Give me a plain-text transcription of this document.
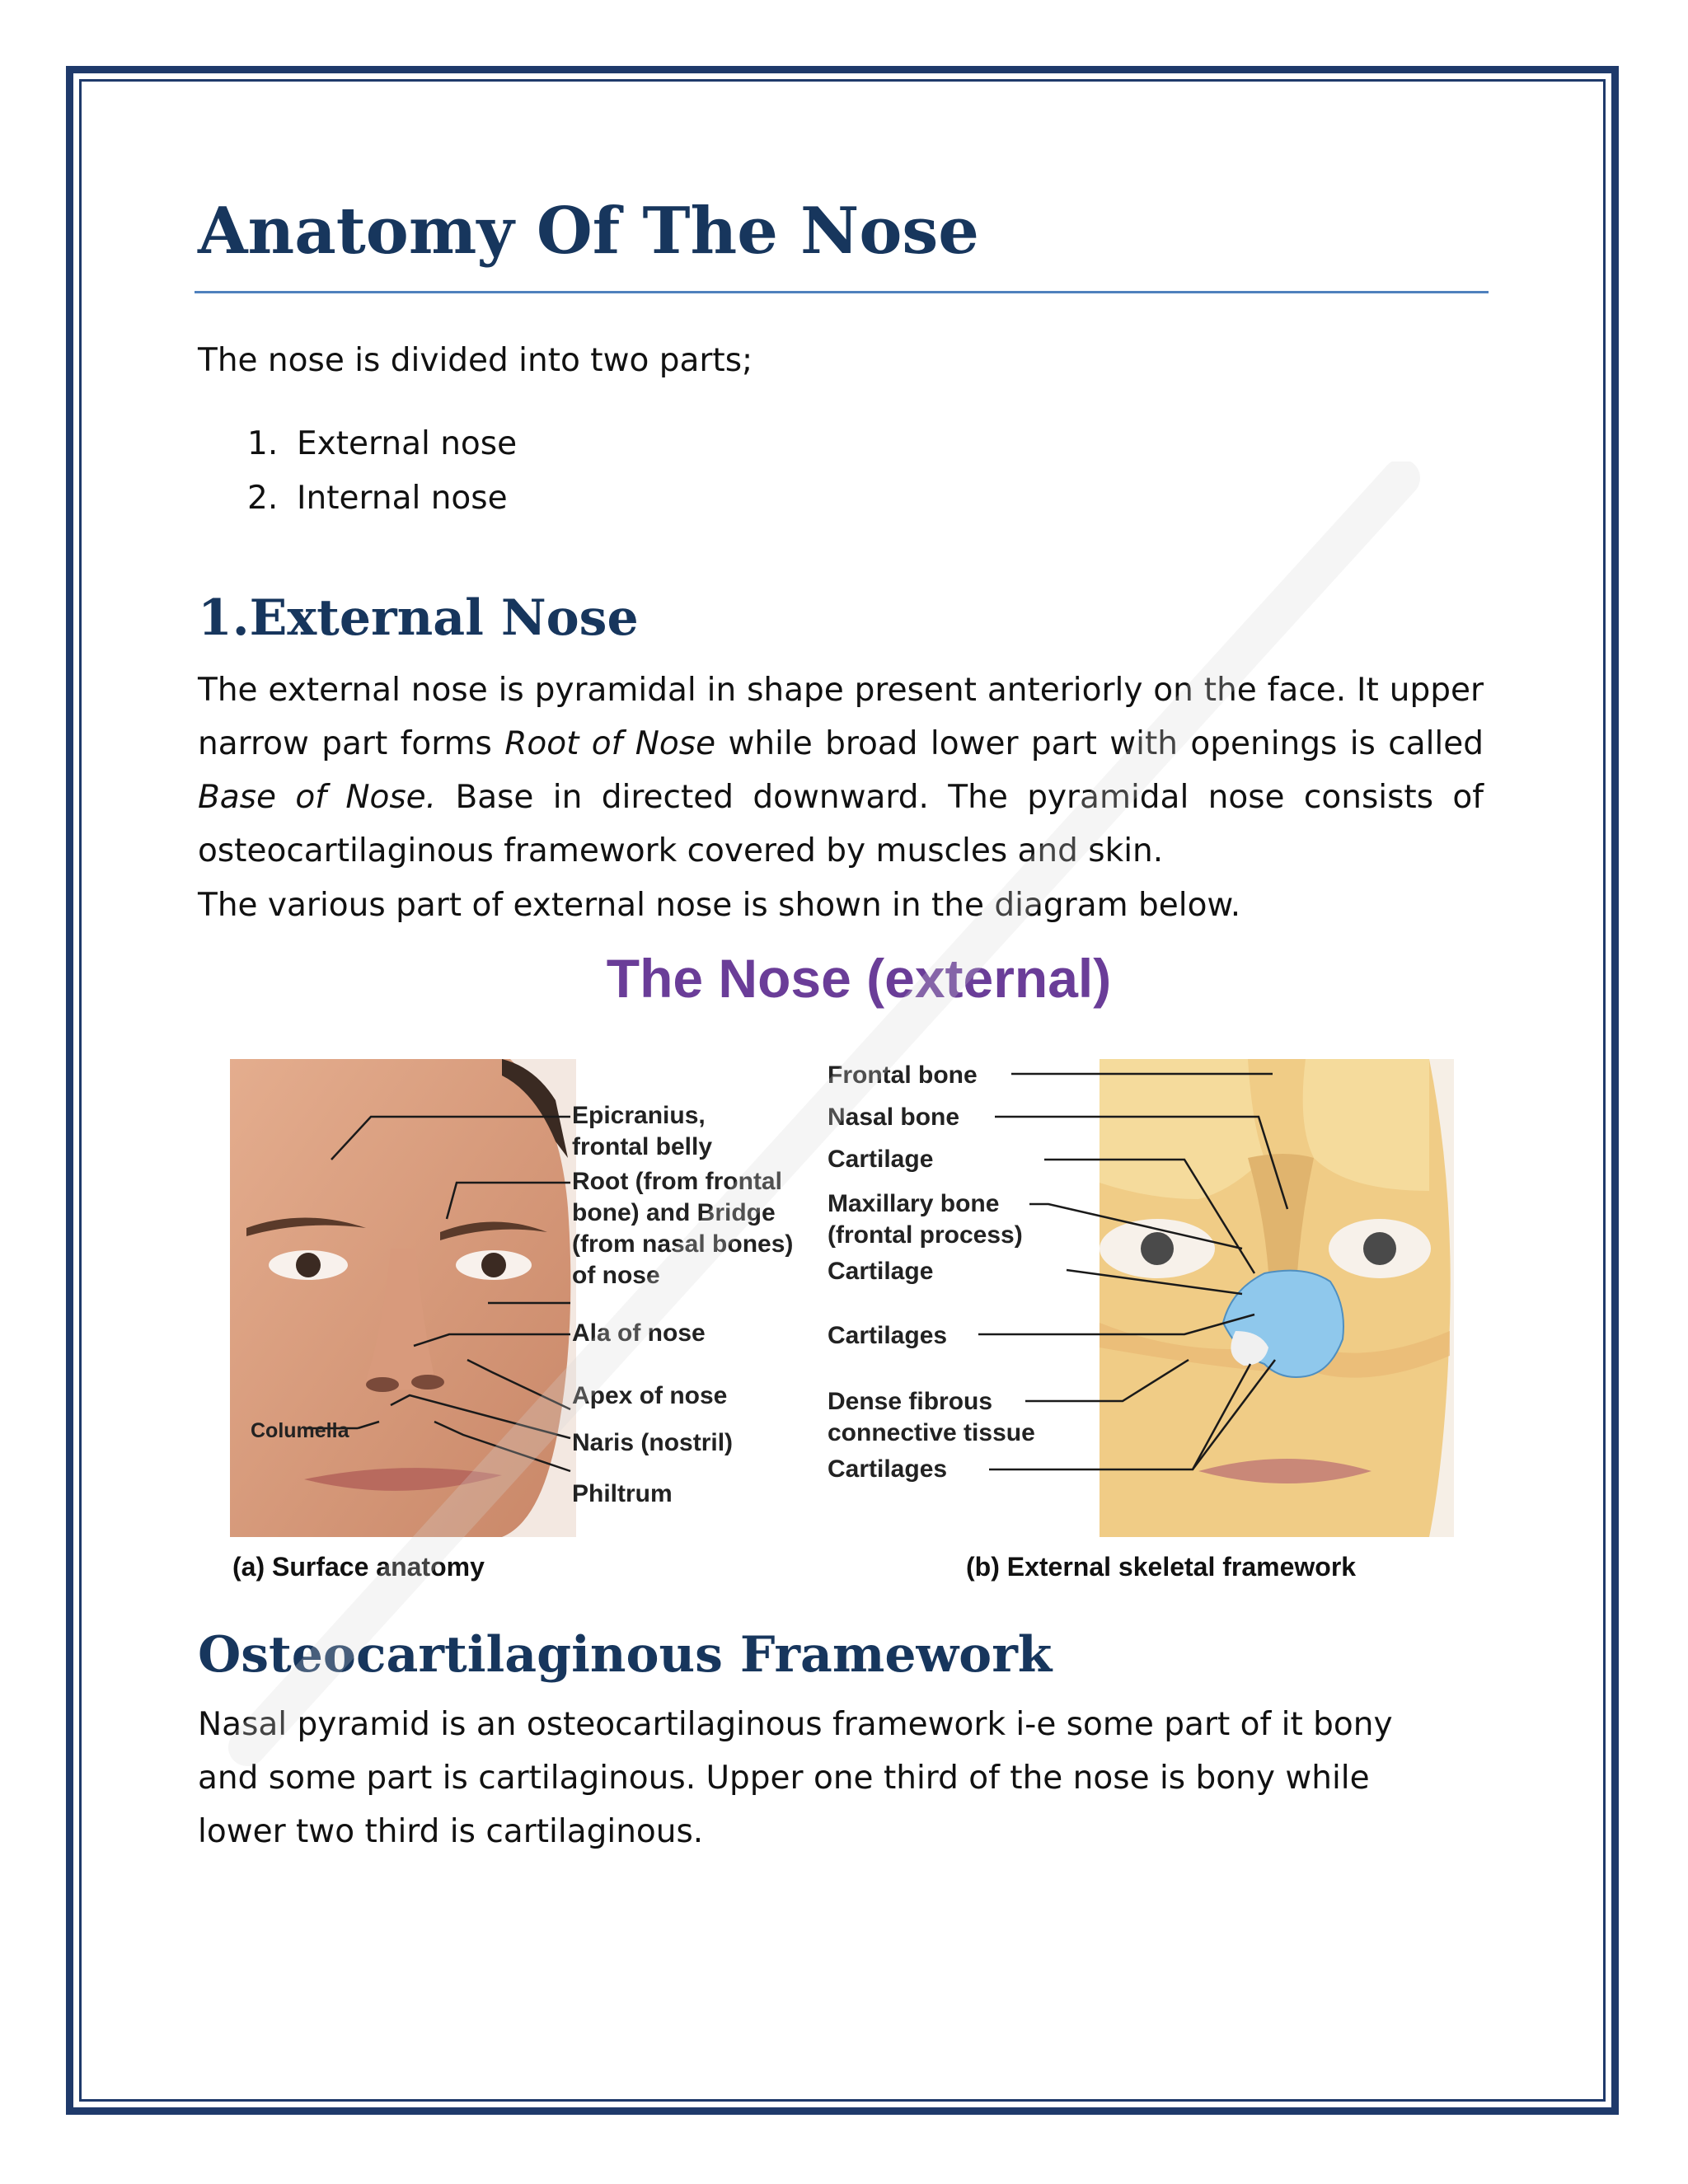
Anatomy Of The Nose

The nose is divided into two parts;

1. External nose
2. Internal nose
1.External Nose

The external nose is pyramidal in shape present anteriorly on the face. It upper narrow part forms Root of Nose while broad lower part with openings is called Base of Nose. Base in directed downward. The pyramidal nose consists of osteocartilaginous framework covered by muscles and skin.

The various part of external nose is shown in the diagram below.

The Nose (external)

Epicranius,
frontal belly
Root (from frontal
bone) and Bridge
(from nasal bones)
of nose
Ala of nose
Apex of nose
Naris (nostril)
Philtrum
Columella
Frontal bone
Nasal bone
Cartilage
Maxillary bone
(frontal process)
Cartilage
Cartilages
Dense fibrous
connective tissue
Cartilages
(a) Surface anatomy	(b) External skeletal framework
Osteocartilaginous Framework

Nasal pyramid is an osteocartilaginous framework i-e some part of it bony and some part is cartilaginous. Upper one third of the nose is bony while lower two third is cartilaginous.
